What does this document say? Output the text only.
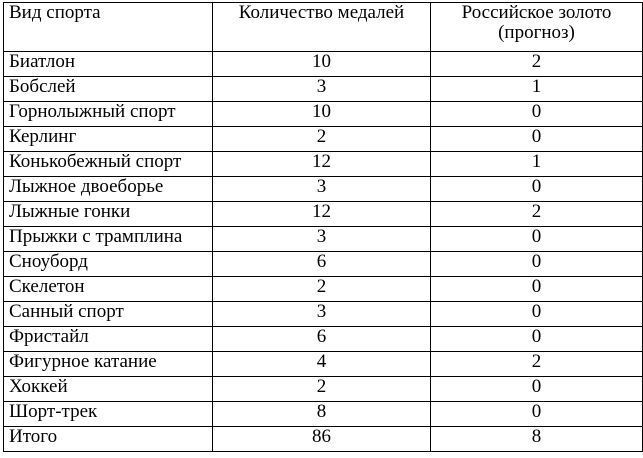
Вид спорта	Количество медалей	Российское золото
(прогноз)
Биатлон	10	2
Бобслей	3	1
Горнолыжный спорт	10	0
Керлинг	2	0
Конькобежный спорт	12	1
Лыжное двоеборье	3	0
Лыжные гонки	12	2
Прыжки с трамплина	3	0
Сноуборд	6	0
Скелетон	2	0
Санный спорт	3	0
Фристайл	6	0
Фигурное катание	4	2
Хоккей	2	0
Шорт-трек	8	0
Итого	86	8
